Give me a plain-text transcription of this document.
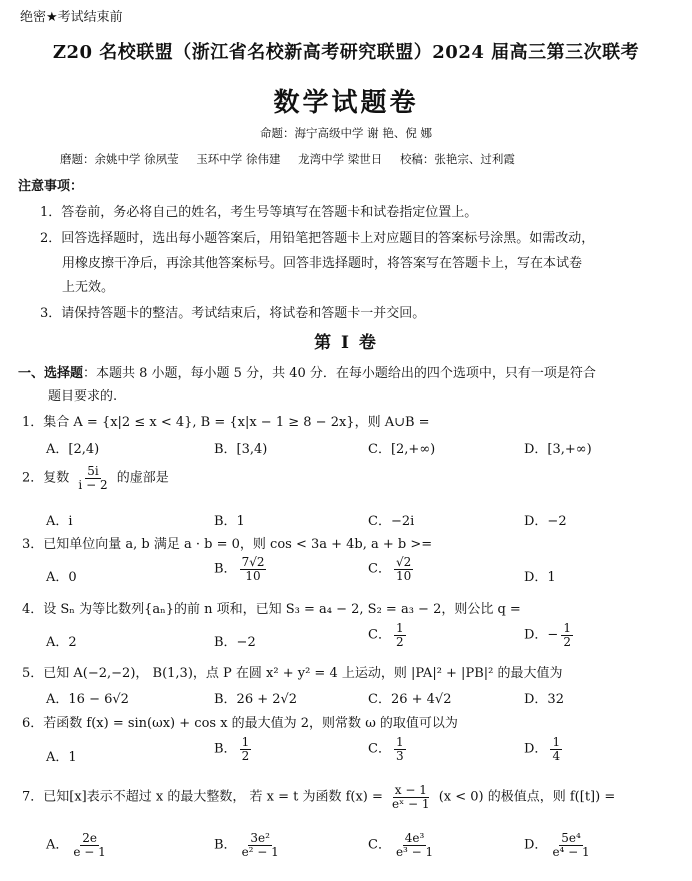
绝密★考试结束前
Z20 名校联盟（浙江省名校新高考研究联盟）2024 届高三第三次联考
数学试题卷
命题：海宁高级中学 谢 艳、倪 娜
磨题：余姚中学 徐夙莹 玉环中学 徐伟建 龙湾中学 梁世日 校稿：张艳宗、过利霞
注意事项：
1．答卷前，务必将自己的姓名，考生号等填写在答题卡和试卷指定位置上。
2．回答选择题时，选出每小题答案后，用铅笔把答题卡上对应题目的答案标号涂黑。如需改动，
用橡皮擦干净后，再涂其他答案标号。回答非选择题时，将答案写在答题卡上，写在本试卷
上无效。
3．请保持答题卡的整洁。考试结束后，将试卷和答题卡一并交回。
第 I 卷
一、选择题：本题共 8 小题，每小题 5 分，共 40 分．在每小题给出的四个选项中，只有一项是符合
题目要求的.
1．集合 A = {x|2 ≤ x < 4}, B = {x|x − 1 ≥ 8 − 2x}，则 A∪B =
A．[2,4)	B．[3,4)	C．[2,+∞)	D．[3,+∞)
2．复数 $\frac{5i}{i - 2}$ 的虚部是
A．i	B．1	C．−2i	D．−2
3．已知单位向量 a, b 满足 a · b = 0，则 cos < 3a + 4b, a + b >=
A．0
B． $\frac{7√2}{10}$	C． $\frac{√2}{10}$	D．1
4．设 Sₙ 为等比数列{aₙ}的前 n 项和，已知 S₃ = a₄ − 2, S₂ = a₃ − 2，则公比 q =
A．2	B．−2	C． $\frac{1}{2}$	D．− $\frac{1}{2}$
5．已知 A(−2,−2)， B(1,3)，点 P 在圆 x² + y² = 4 上运动，则 |PA|² + |PB|² 的最大值为
A．16 − 6√2	B．26 + 2√2	C．26 + 4√2	D．32
6．若函数 f(x) = sin(ωx) + cos x 的最大值为 2，则常数 ω 的取值可以为
A．1
B． $\frac{1}{2}$	C． $\frac{1}{3}$	D． $\frac{1}{4}$
7．已知[x]表示不超过 x 的最大整数， 若 x = t 为函数 $f(x) = \frac{x - 1}{\text{eˣ − 1}} (x < 0)$ 的极值点，则 f([t]) =
A． $\frac{2e}{e - 1}$	B． $\frac{\text{3e²}}{\text{e² − 1}}$	C． $\frac{\text{4e³}}{\text{e³ − 1}}$	D． $\frac{\text{5e⁴}}{\text{e⁴ − 1}}$
